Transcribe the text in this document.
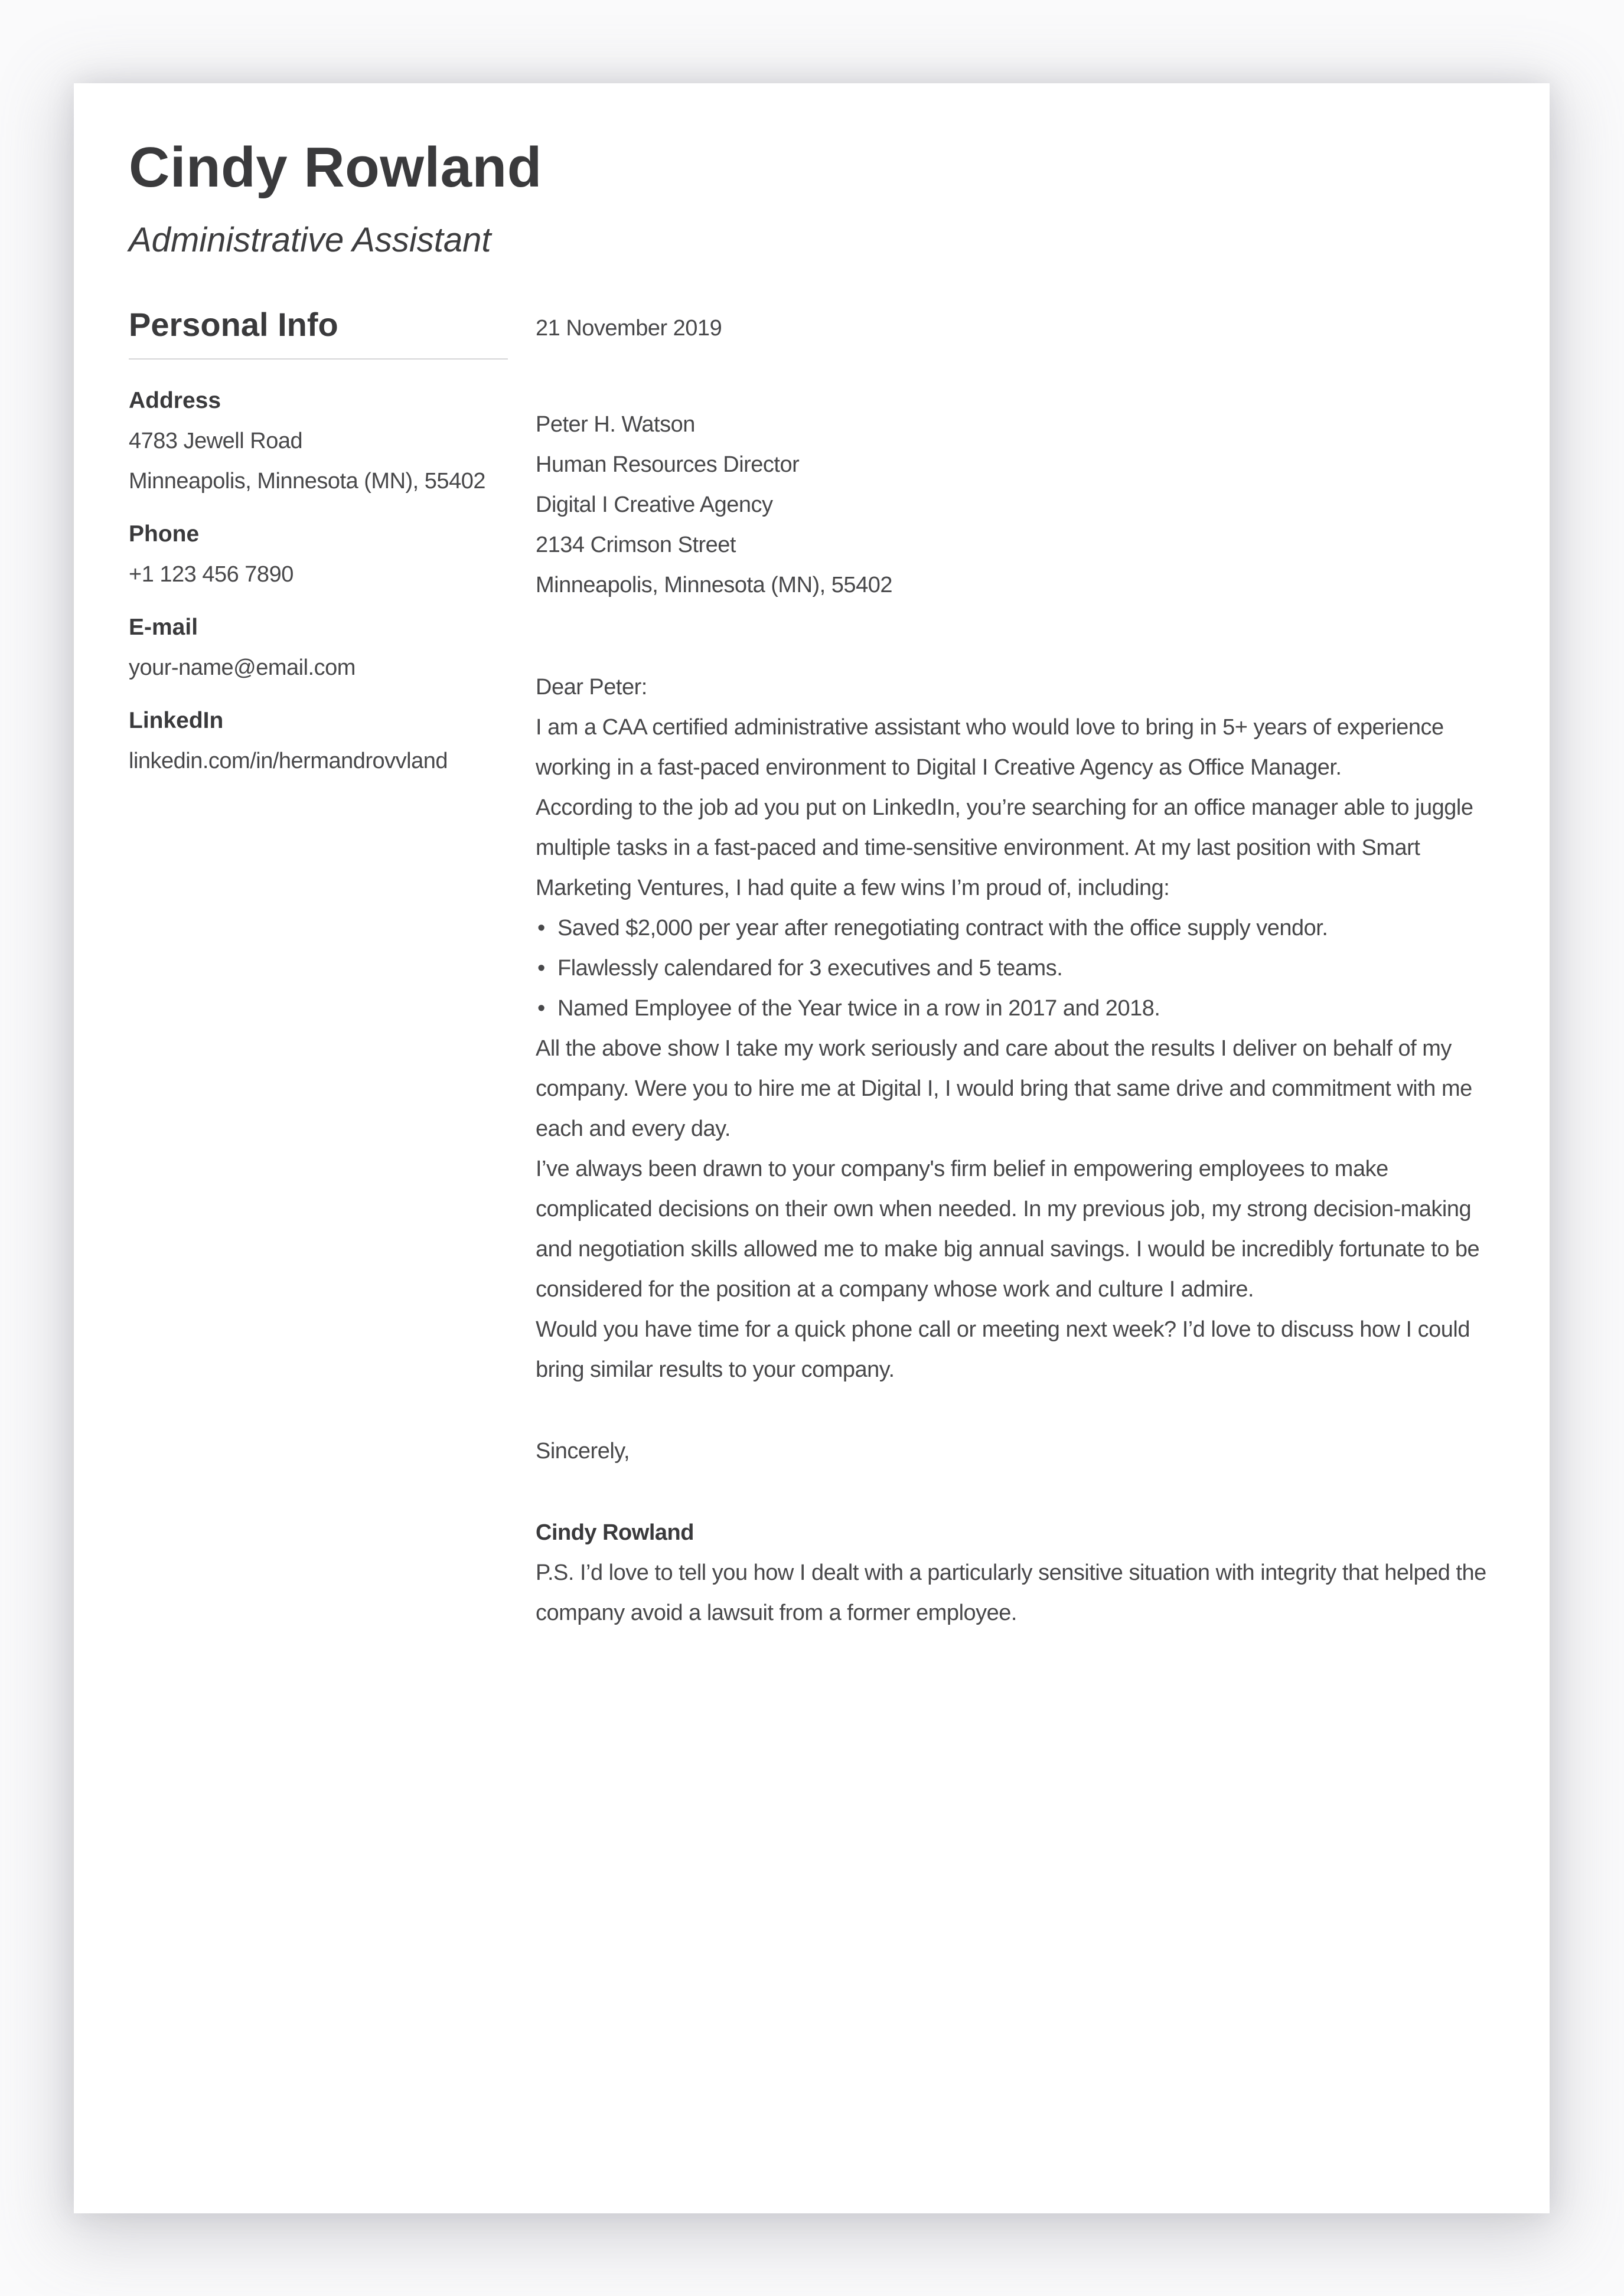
Cindy Rowland
Administrative Assistant
Personal Info
Address
4783 Jewell Road
Minneapolis, Minnesota (MN), 55402
Phone
+1 123 456 7890
E-mail
your-name@email.com
LinkedIn
linkedin.com/in/hermandrovvland
21 November 2019
Peter H. Watson
Human Resources Director
Digital I Creative Agency
2134 Crimson Street
Minneapolis, Minnesota (MN), 55402
Dear Peter:

I am a CAA certified administrative assistant who would love to bring in 5+ years of experience working in a fast-paced environment to Digital I Creative Agency as Office Manager.

According to the job ad you put on LinkedIn, you’re searching for an office manager able to juggle multiple tasks in a fast-paced and time-sensitive environment. At my last position with Smart Marketing Ventures, I had quite a few wins I’m proud of, including:

• Saved $2,000 per year after renegotiating contract with the office supply vendor.
• Flawlessly calendared for 3 executives and 5 teams.
• Named Employee of the Year twice in a row in 2017 and 2018.

All the above show I take my work seriously and care about the results I deliver on behalf of my company. Were you to hire me at Digital I, I would bring that same drive and commitment with me each and every day.

I’ve always been drawn to your company's firm belief in empowering employees to make complicated decisions on their own when needed. In my previous job, my strong decision-making and negotiation skills allowed me to make big annual savings. I would be incredibly fortunate to be considered for the position at a company whose work and culture I admire.

Would you have time for a quick phone call or meeting next week? I’d love to discuss how I could bring similar results to your company.

Sincerely,
Cindy Rowland

P.S. I’d love to tell you how I dealt with a particularly sensitive situation with integrity that helped the company avoid a lawsuit from a former employee.
